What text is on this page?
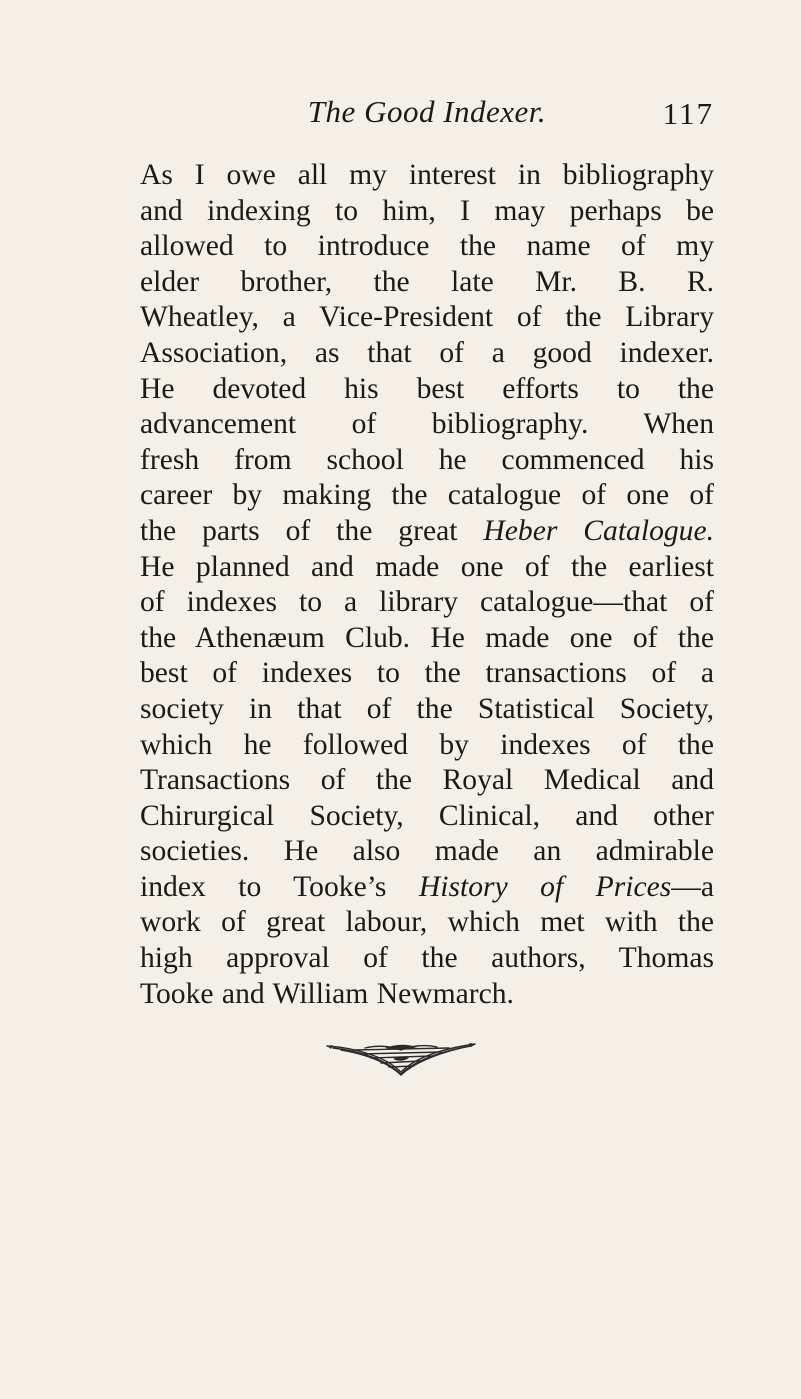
The Good Indexer.	117
As I owe all my interest in bibliography
and indexing to him, I may perhaps be
allowed to introduce the name of my
elder brother, the late Mr. B. R.
Wheatley, a Vice-President of the Library
Association, as that of a good indexer.
He devoted his best efforts to the
advancement of bibliography. When
fresh from school he commenced his
career by making the catalogue of one of
the parts of the great Heber Catalogue.
He planned and made one of the earliest
of indexes to a library catalogue—that of
the Athenæum Club. He made one of the
best of indexes to the transactions of a
society in that of the Statistical Society,
which he followed by indexes of the
Transactions of the Royal Medical and
Chirurgical Society, Clinical, and other
societies. He also made an admirable
index to Tooke’s History of Prices—a
work of great labour, which met with the
high approval of the authors, Thomas
Tooke and William Newmarch.
